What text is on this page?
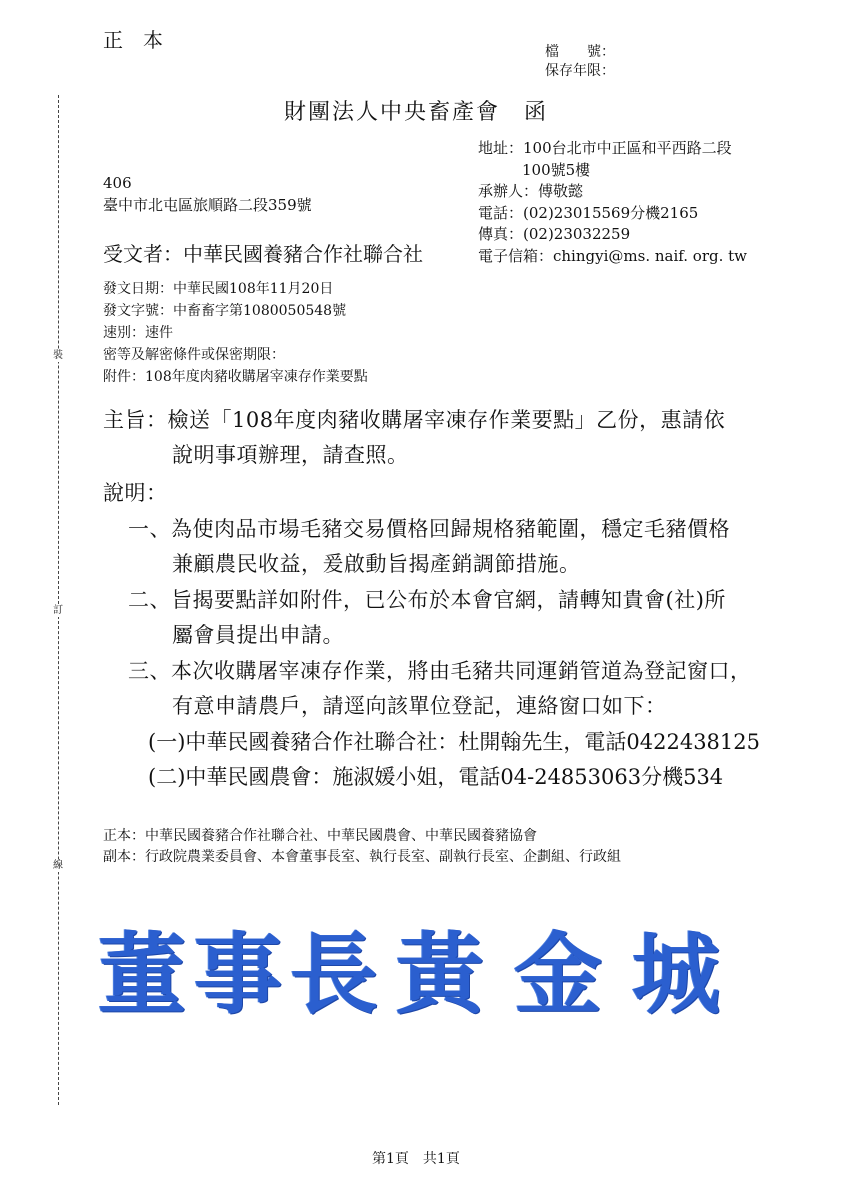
正　本	檔　　號：
保存年限：
財團法人中央畜產會　函
地址：100台北市中正區和平西路二段
100號5樓
承辦人：傅敬懿
電話：(02)23015569分機2165
傳真：(02)23032259
電子信箱：chingyi@ms. naif. org. tw
406
臺中市北屯區旅順路二段359號
受文者：中華民國養豬合作社聯合社
發文日期：中華民國108年11月20日
發文字號：中畜畜字第1080050548號
速別：速件
密等及解密條件或保密期限：
附件：108年度肉豬收購屠宰凍存作業要點
主旨：檢送「108年度肉豬收購屠宰凍存作業要點」乙份，惠請依
說明事項辦理，請查照。
說明：
一、為使肉品市場毛豬交易價格回歸規格豬範圍，穩定毛豬價格
兼顧農民收益，爰啟動旨揭產銷調節措施。
二、旨揭要點詳如附件，已公布於本會官網，請轉知貴會(社)所
屬會員提出申請。
三、本次收購屠宰凍存作業，將由毛豬共同運銷管道為登記窗口，
有意申請農戶，請逕向該單位登記，連絡窗口如下：
(一)中華民國養豬合作社聯合社：杜開翰先生，電話0422438125
(二)中華民國農會：施淑媛小姐，電話04-24853063分機534
正本：中華民國養豬合作社聯合社、中華民國農會、中華民國養豬協會
副本：行政院農業委員會、本會董事長室、執行長室、副執行長室、企劃組、行政組
裝
訂
線
董事長 黃 金 城
第1頁　共1頁
